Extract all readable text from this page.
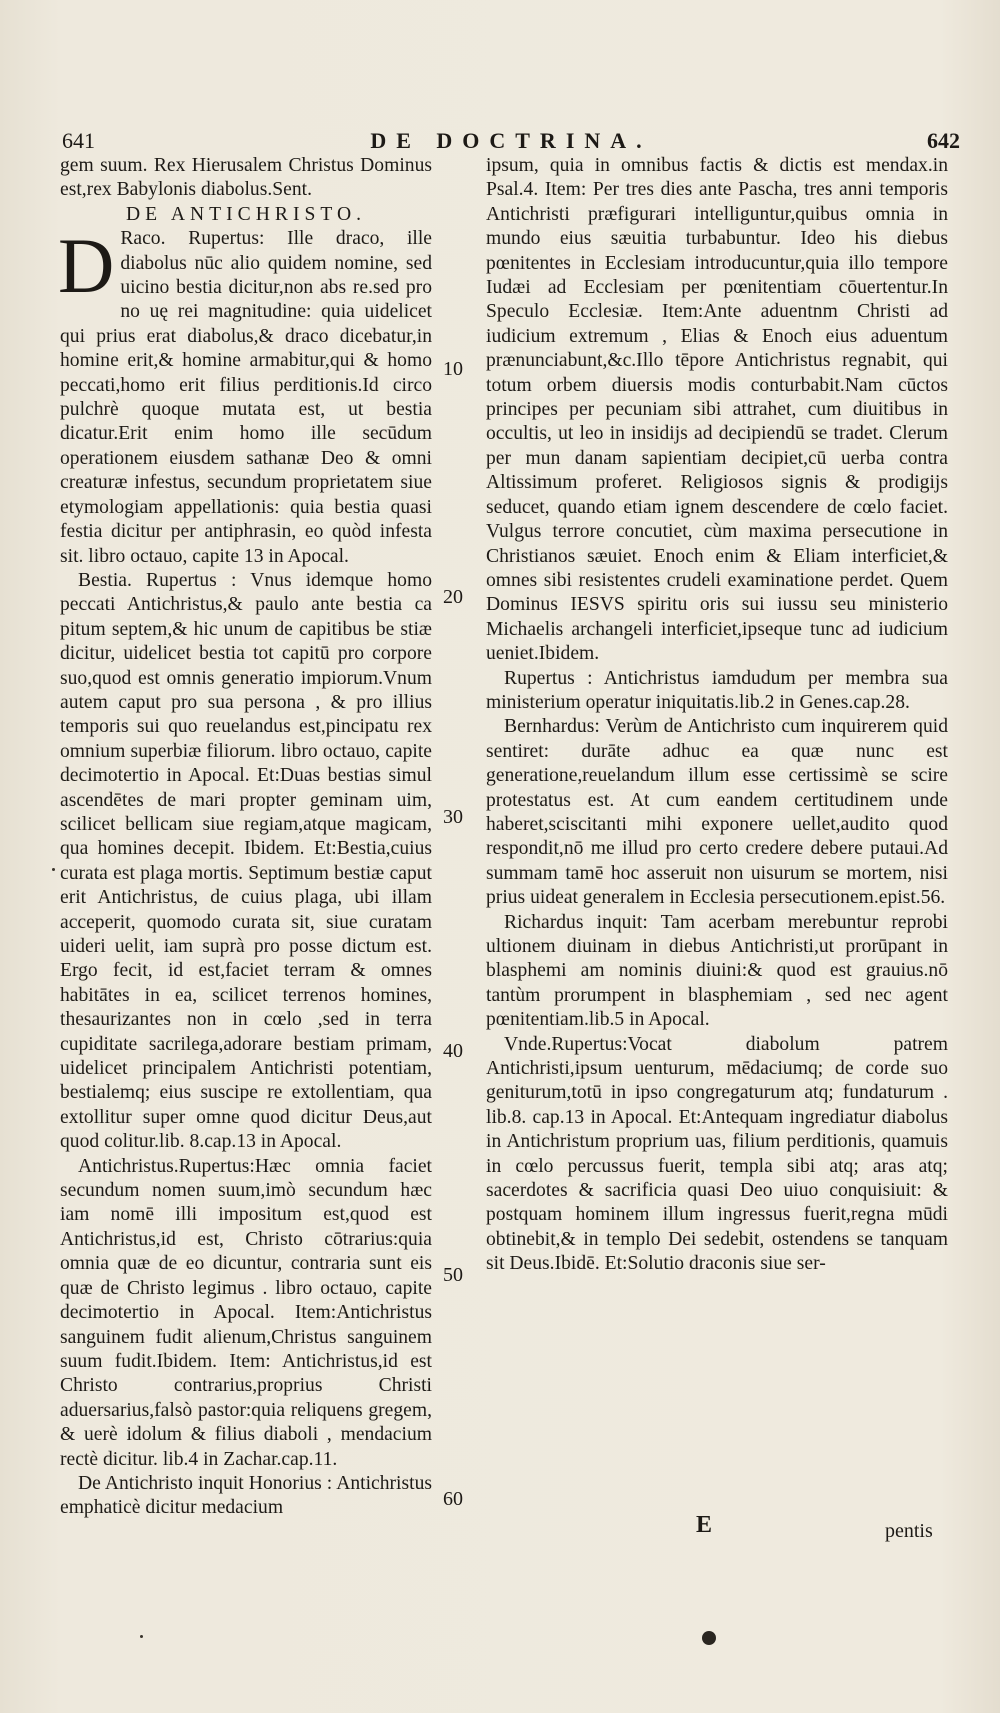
641	DE DOCTRINA.	642

gem suum. Rex Hierusalem Christus Dominus est,rex Babylonis diabolus.Sent.

DE ANTICHRISTO.

D Raco. Rupertus: Ille draco, ille diabolus nūc alio quidem nomine, sed uicino bestia dicitur,non abs re.sed pro no uę rei magnitudine: quia uidelicet qui prius erat diabolus,& draco dicebatur,in homine erit,& homine armabitur,qui & homo peccati,homo erit filius perditionis.Id circo pulchrè quoque mutata est, ut bestia dicatur.Erit enim homo ille secūdum operationem eiusdem sathanæ Deo & omni creaturæ infestus, secundum proprietatem siue etymologiam appellationis: quia bestia quasi festia dicitur per antiphrasin, eo quòd infesta sit. libro octauo, capite 13 in Apocal.

Bestia. Rupertus : Vnus idemque homo peccati Antichristus,& paulo ante bestia ca pitum septem,& hic unum de capitibus be stiæ dicitur, uidelicet bestia tot capitū pro corpore suo,quod est omnis generatio impiorum.Vnum autem caput pro sua persona , & pro illius temporis sui quo reuelandus est,pincipatu rex omnium superbiæ filiorum. libro octauo, capite decimotertio in Apocal. Et:Duas bestias simul ascendētes de mari propter geminam uim, scilicet bellicam siue regiam,atque magicam, qua homines decepit. Ibidem. Et:Bestia,cuius curata est plaga mortis. Septimum bestiæ caput erit Antichristus, de cuius plaga, ubi illam acceperit, quomodo curata sit, siue curatam uideri uelit, iam suprà pro posse dictum est. Ergo fecit, id est,faciet terram & omnes habitātes in ea, scilicet terrenos homines, thesaurizantes non in cœlo ,sed in terra cupiditate sacrilega,adorare bestiam primam, uidelicet principalem Antichristi potentiam, bestialemq; eius suscipe re extollentiam, qua extollitur super omne quod dicitur Deus,aut quod colitur.lib. 8.cap.13 in Apocal.

Antichristus.Rupertus:Hæc omnia faciet secundum nomen suum,imò secundum hæc iam nomē illi impositum est,quod est Antichristus,id est, Christo cōtrarius:quia omnia quæ de eo dicuntur, contraria sunt eis quæ de Christo legimus . libro octauo, capite decimotertio in Apocal. Item:Antichristus sanguinem fudit alienum,Christus sanguinem suum fudit.Ibidem. Item: Antichristus,id est Christo contrarius,proprius Christi aduersarius,falsò pastor:quia reliquens gregem, & uerè idolum & filius diaboli , mendacium rectè dicitur. lib.4 in Zachar.cap.11.

De Antichristo inquit Honorius : Antichristus emphaticè dicitur medacium

10
20
30
40
50
60

ipsum, quia in omnibus factis & dictis est mendax.in Psal.4. Item: Per tres dies ante Pascha, tres anni temporis Antichristi præfigurari intelliguntur,quibus omnia in mundo eius sæuitia turbabuntur. Ideo his diebus pœnitentes in Ecclesiam introducuntur,quia illo tempore Iudæi ad Ecclesiam per pœnitentiam cōuertentur.In Speculo Ecclesiæ. Item:Ante aduentnm Christi ad iudicium extremum , Elias & Enoch eius aduentum prænunciabunt,&c.Illo tēpore Antichristus regnabit, qui totum orbem diuersis modis conturbabit.Nam cūctos principes per pecuniam sibi attrahet, cum diuitibus in occultis, ut leo in insidijs ad decipiendū se tradet. Clerum per mun danam sapientiam decipiet,cū uerba contra Altissimum proferet. Religiosos signis & prodigijs seducet, quando etiam ignem descendere de cœlo faciet. Vulgus terrore concutiet, cùm maxima persecutione in Christianos sæuiet. Enoch enim & Eliam interficiet,& omnes sibi resistentes crudeli examinatione perdet. Quem Dominus IESVS spiritu oris sui iussu seu ministerio Michaelis archangeli interficiet,ipseque tunc ad iudicium ueniet.Ibidem.

Rupertus : Antichristus iamdudum per membra sua ministerium operatur iniquitatis.lib.2 in Genes.cap.28.

Bernhardus: Verùm de Antichristo cum inquirerem quid sentiret: durāte adhuc ea quæ nunc est generatione,reuelandum illum esse certissimè se scire protestatus est. At cum eandem certitudinem unde haberet,sciscitanti mihi exponere uellet,audito quod respondit,nō me illud pro certo credere debere putaui.Ad summam tamē hoc asseruit non uisurum se mortem, nisi prius uideat generalem in Ecclesia persecutionem.epist.56.

Richardus inquit: Tam acerbam merebuntur reprobi ultionem diuinam in diebus Antichristi,ut prorūpant in blasphemi am nominis diuini:& quod est grauius.nō tantùm prorumpent in blasphemiam , sed nec agent pœnitentiam.lib.5 in Apocal.

Vnde.Rupertus:Vocat diabolum patrem Antichristi,ipsum uenturum, mēdaciumq; de corde suo geniturum,totū in ipso congregaturum atq; fundaturum . lib.8. cap.13 in Apocal. Et:Antequam ingrediatur diabolus in Antichristum proprium uas, filium perditionis, quamuis in cœlo percussus fuerit, templa sibi atq; aras atq; sacerdotes & sacrificia quasi Deo uiuo conquisiuit: & postquam hominem illum ingressus fuerit,regna mūdi obtinebit,& in templo Dei sedebit, ostendens se tanquam sit Deus.Ibidē. Et:Solutio draconis siue ser-

E	pentis
